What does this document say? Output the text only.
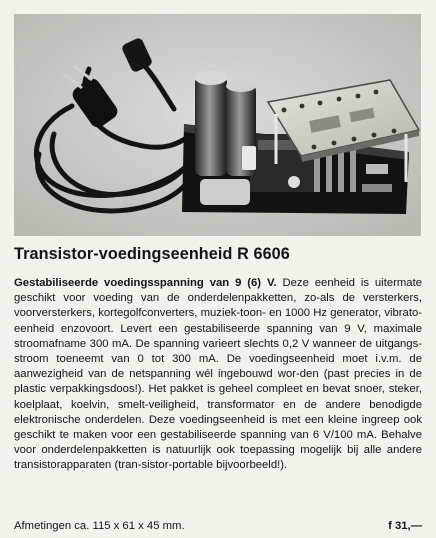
Transistor-voedingseenheid R 6606

Gestabiliseerde voedingsspanning van 9 (6) V. Deze eenheid is uitermate geschikt voor voeding van de onderdelenpakketten, zo-als de versterkers, voorversterkers, kortegolfconverters, muziek-toon- en 1000 Hz generator, vibrato-eenheid enzovoort. Levert een gestabiliseerde spanning van 9 V, maximale stroomafname 300 mA. De spanning varieert slechts 0,2 V wanneer de uitgangs-stroom toeneemt van 0 tot 300 mA. De voedingseenheid moet i.v.m. de aanwezigheid van de netspanning wél ingebouwd wor-den (past precies in de plastic verpakkingsdoos!). Het pakket is geheel compleet en bevat snoer, steker, koelplaat, koelvin, smelt-veiligheid, transformator en de andere benodigde elektronische onderdelen. Deze voedingseenheid is met een kleine ingreep ook geschikt te maken voor een gestabiliseerde spanning van 6 V/100 mA. Behalve voor onderdelenpakketten is natuurlijk ook toepassing mogelijk bij alle andere transistorapparaten (tran-sistor-portable bijvoorbeeld!).

Afmetingen ca. 115 x 61 x 45 mm.	f 31,—
